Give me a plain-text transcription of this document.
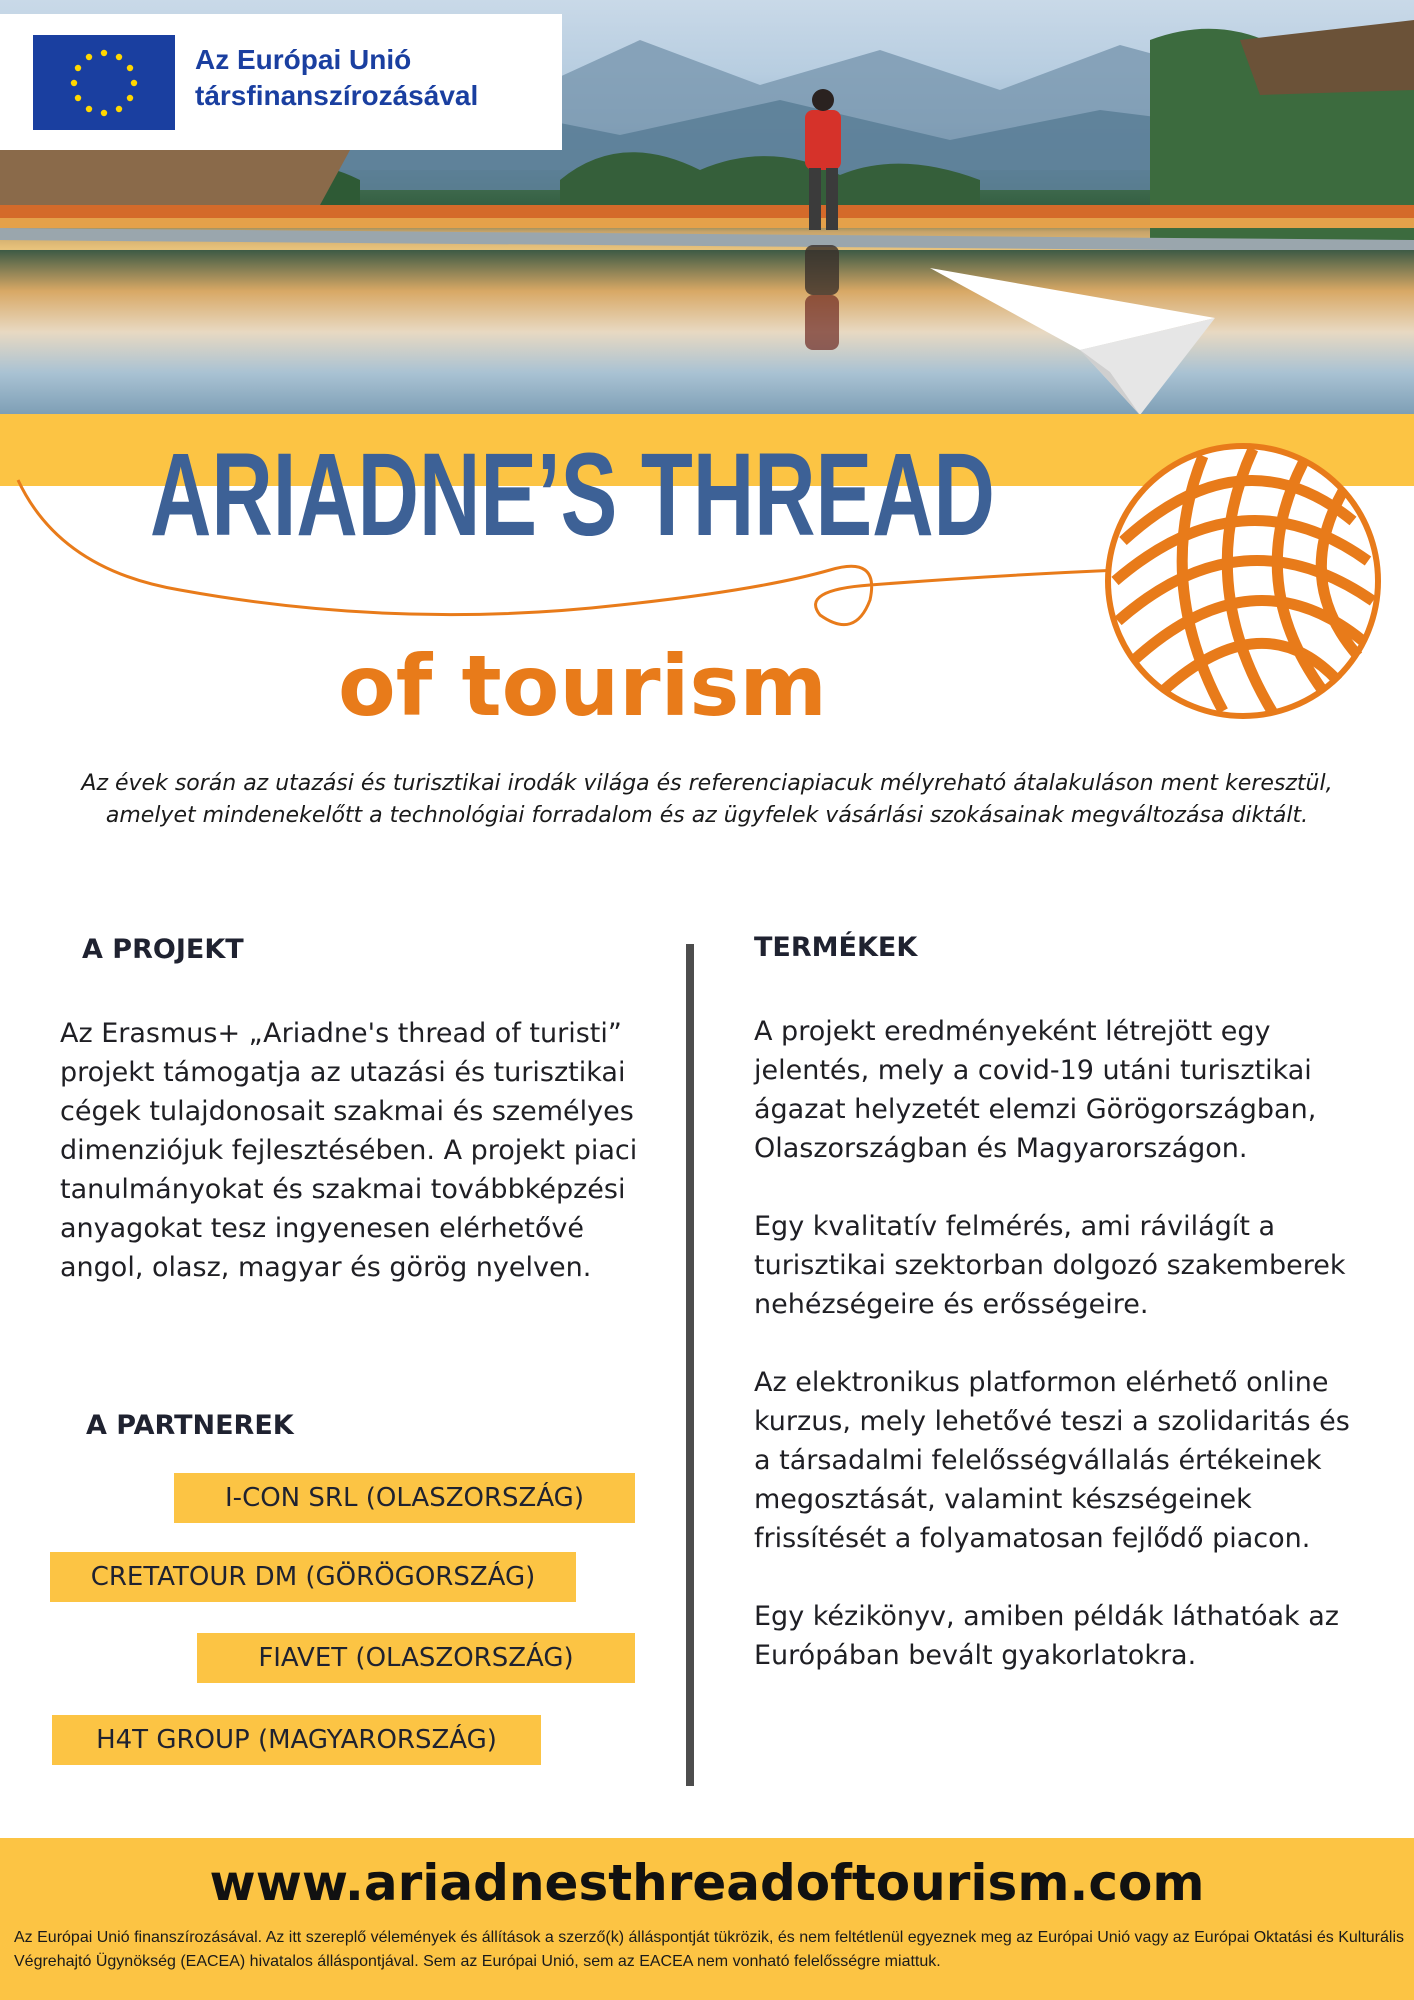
Az Európai Unió
társfinanszírozásával
ARIADNE’S THREAD
of tourism
Az évek során az utazási és turisztikai irodák világa és referenciapiacuk mélyreható átalakuláson ment keresztül, amelyet mindenekelőtt a technológiai forradalom és az ügyfelek vásárlási szokásainak megváltozása diktált.
A PROJEKT
Az Erasmus+ „Ariadne's thread of turisti” projekt támogatja az utazási és turisztikai cégek tulajdonosait szakmai és személyes dimenziójuk fejlesztésében. A projekt piaci tanulmányokat és szakmai továbbképzési anyagokat tesz ingyenesen elérhetővé angol, olasz, magyar és görög nyelven.
A PARTNEREK
I-CON SRL (OLASZORSZÁG)
CRETATOUR DM (GÖRÖGORSZÁG)
FIAVET (OLASZORSZÁG)
H4T GROUP (MAGYARORSZÁG)
TERMÉKEK

A projekt eredményeként létrejött egy jelentés, mely a covid-19 utáni turisztikai ágazat helyzetét elemzi Görögországban, Olaszországban és Magyarországon.

Egy kvalitatív felmérés, ami rávilágít a turisztikai szektorban dolgozó szakemberek nehézségeire és erősségeire.

Az elektronikus platformon elérhető online kurzus, mely lehetővé teszi a szolidaritás és a társadalmi felelősségvállalás értékeinek megosztását, valamint készségeinek frissítését a folyamatosan fejlődő piacon.

Egy kézikönyv, amiben példák láthatóak az Európában bevált gyakorlatokra.

www.ariadnesthreadoftourism.com
Az Európai Unió finanszírozásával. Az itt szereplő vélemények és állítások a szerző(k) álláspontját tükrözik, és nem feltétlenül egyeznek meg az Európai Unió vagy az Európai Oktatási és Kulturális Végrehajtó Ügynökség (EACEA) hivatalos álláspontjával. Sem az Európai Unió, sem az EACEA nem vonható felelősségre miattuk.
